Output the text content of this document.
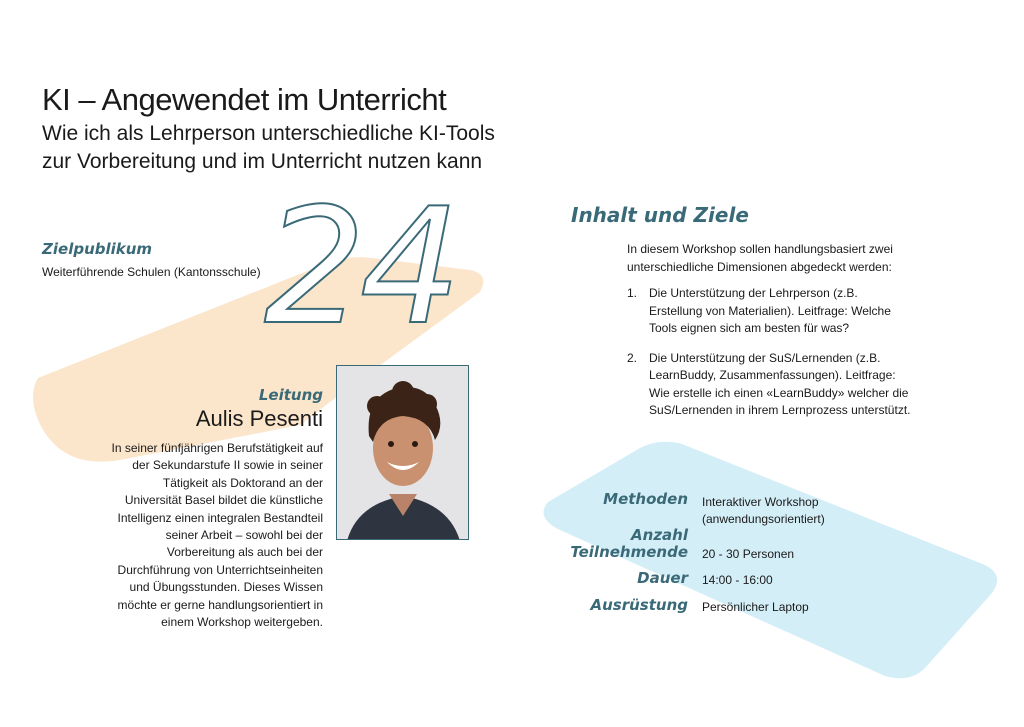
24
KI – Angewendet im Unterricht
Wie ich als Lehrperson unterschiedliche KI-Tools zur Vorbereitung und im Unterricht nutzen kann
Zielpublikum
Weiterführende Schulen (Kantonsschule)
Leitung
Aulis Pesenti
In seiner fünfjährigen Berufstätigkeit auf der Sekundarstufe II sowie in seiner Tätigkeit als Doktorand an der Universität Basel bildet die künstliche Intelligenz einen integralen Bestandteil seiner Arbeit – sowohl bei der Vorbereitung als auch bei der Durchführung von Unterrichtseinheiten und Übungsstunden. Dieses Wissen möchte er gerne handlungsorientiert in einem Workshop weitergeben.
Inhalt und Ziele
In diesem Workshop sollen handlungsbasiert zwei unterschiedliche Dimensionen abgedeckt werden:
1. Die Unterstützung der Lehrperson (z.B. Erstellung von Materialien). Leitfrage: Welche Tools eignen sich am besten für was?
2. Die Unterstützung der SuS/Lernenden (z.B. LearnBuddy, Zusammenfassungen). Leitfrage: Wie erstelle ich einen «LearnBuddy» welcher die SuS/Lernenden in ihrem Lernprozess unterstützt.
Methoden Interaktiver Workshop (anwendungsorientiert)
Anzahl
Teilnehmende 20 - 30 Personen
Dauer 14:00 - 16:00
Ausrüstung Persönlicher Laptop
